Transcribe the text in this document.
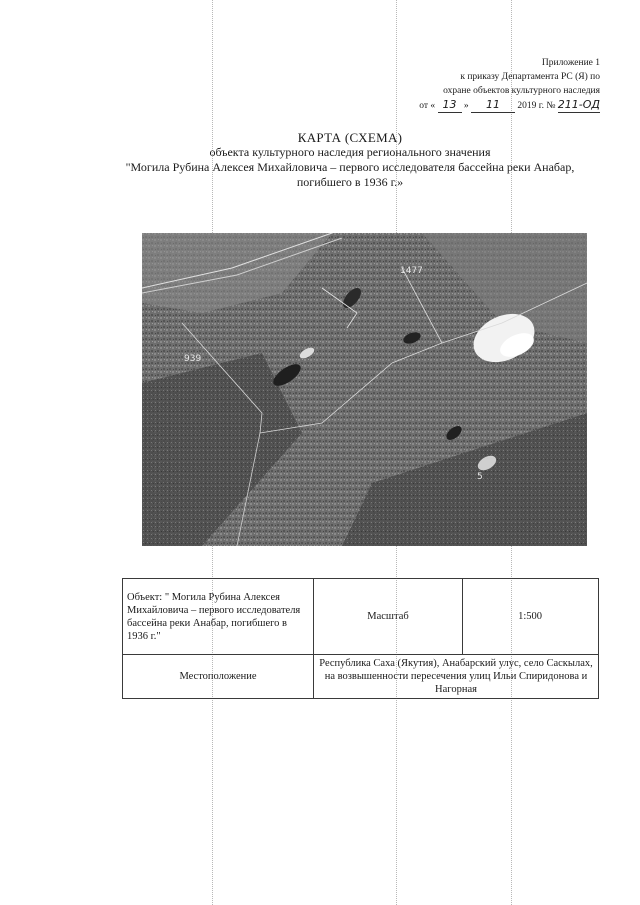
Приложение 1
к приказу Департамента РС (Я) по
охране объектов культурного наследия
от « 13 » 11 2019 г. № 211-ОД
КАРТА (СХЕМА)
объекта культурного наследия регионального значения
"Могила Рубина Алексея Михайловича – первого исследователя бассейна реки Анабар,
погибшего в 1936 г.»
1477
939
5
Объект: " Могила Рубина Алексея Михайловича – первого исследователя бассейна реки Анабар, погибшего в 1936 г."	Масштаб	1:500
Местоположение	Республика Саха (Якутия), Анабарский улус, село Саскылах, на возвышенности пересечения улиц Ильи Спиридонова и Нагорная	
